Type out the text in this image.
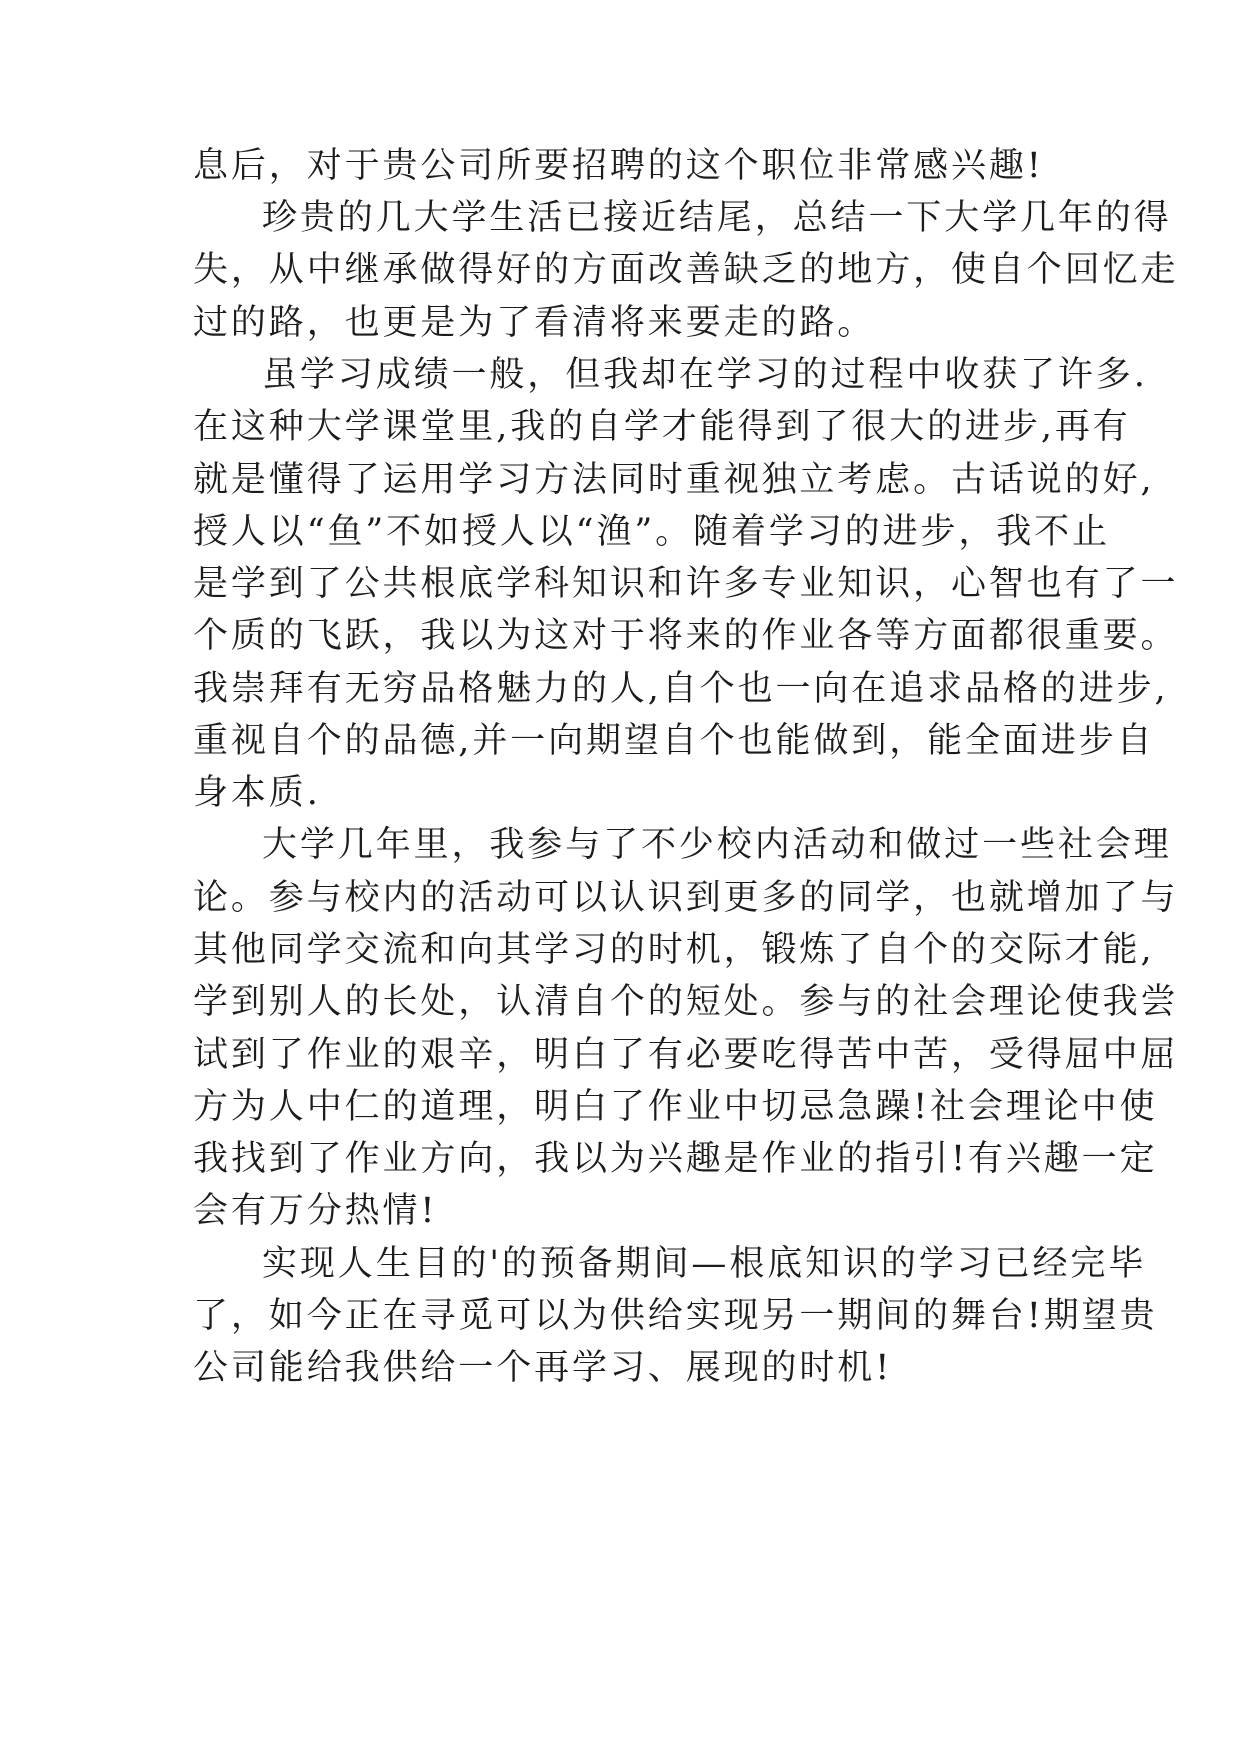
息后，对于贵公司所要招聘的这个职位非常感兴趣!
珍贵的几大学生活已接近结尾，总结一下大学几年的得
失，从中继承做得好的方面改善缺乏的地方，使自个回忆走
过的路，也更是为了看清将来要走的路。
虽学习成绩一般，但我却在学习的过程中收获了许多.
在这种大学课堂里,我的自学才能得到了很大的进步,再有
就是懂得了运用学习方法同时重视独立考虑。古话说的好,
授人以“鱼”不如授人以“渔”。随着学习的进步，我不止
是学到了公共根底学科知识和许多专业知识，心智也有了一
个质的飞跃，我以为这对于将来的作业各等方面都很重要。
我崇拜有无穷品格魅力的人,自个也一向在追求品格的进步,
重视自个的品德,并一向期望自个也能做到，能全面进步自
身本质.
大学几年里，我参与了不少校内活动和做过一些社会理
论。参与校内的活动可以认识到更多的同学，也就增加了与
其他同学交流和向其学习的时机，锻炼了自个的交际才能,
学到别人的长处，认清自个的短处。参与的社会理论使我尝
试到了作业的艰辛，明白了有必要吃得苦中苦，受得屈中屈
方为人中仁的道理，明白了作业中切忌急躁!社会理论中使
我找到了作业方向，我以为兴趣是作业的指引!有兴趣一定
会有万分热情!
实现人生目的'的预备期间—根底知识的学习已经完毕
了，如今正在寻觅可以为供给实现另一期间的舞台!期望贵
公司能给我供给一个再学习、展现的时机!
